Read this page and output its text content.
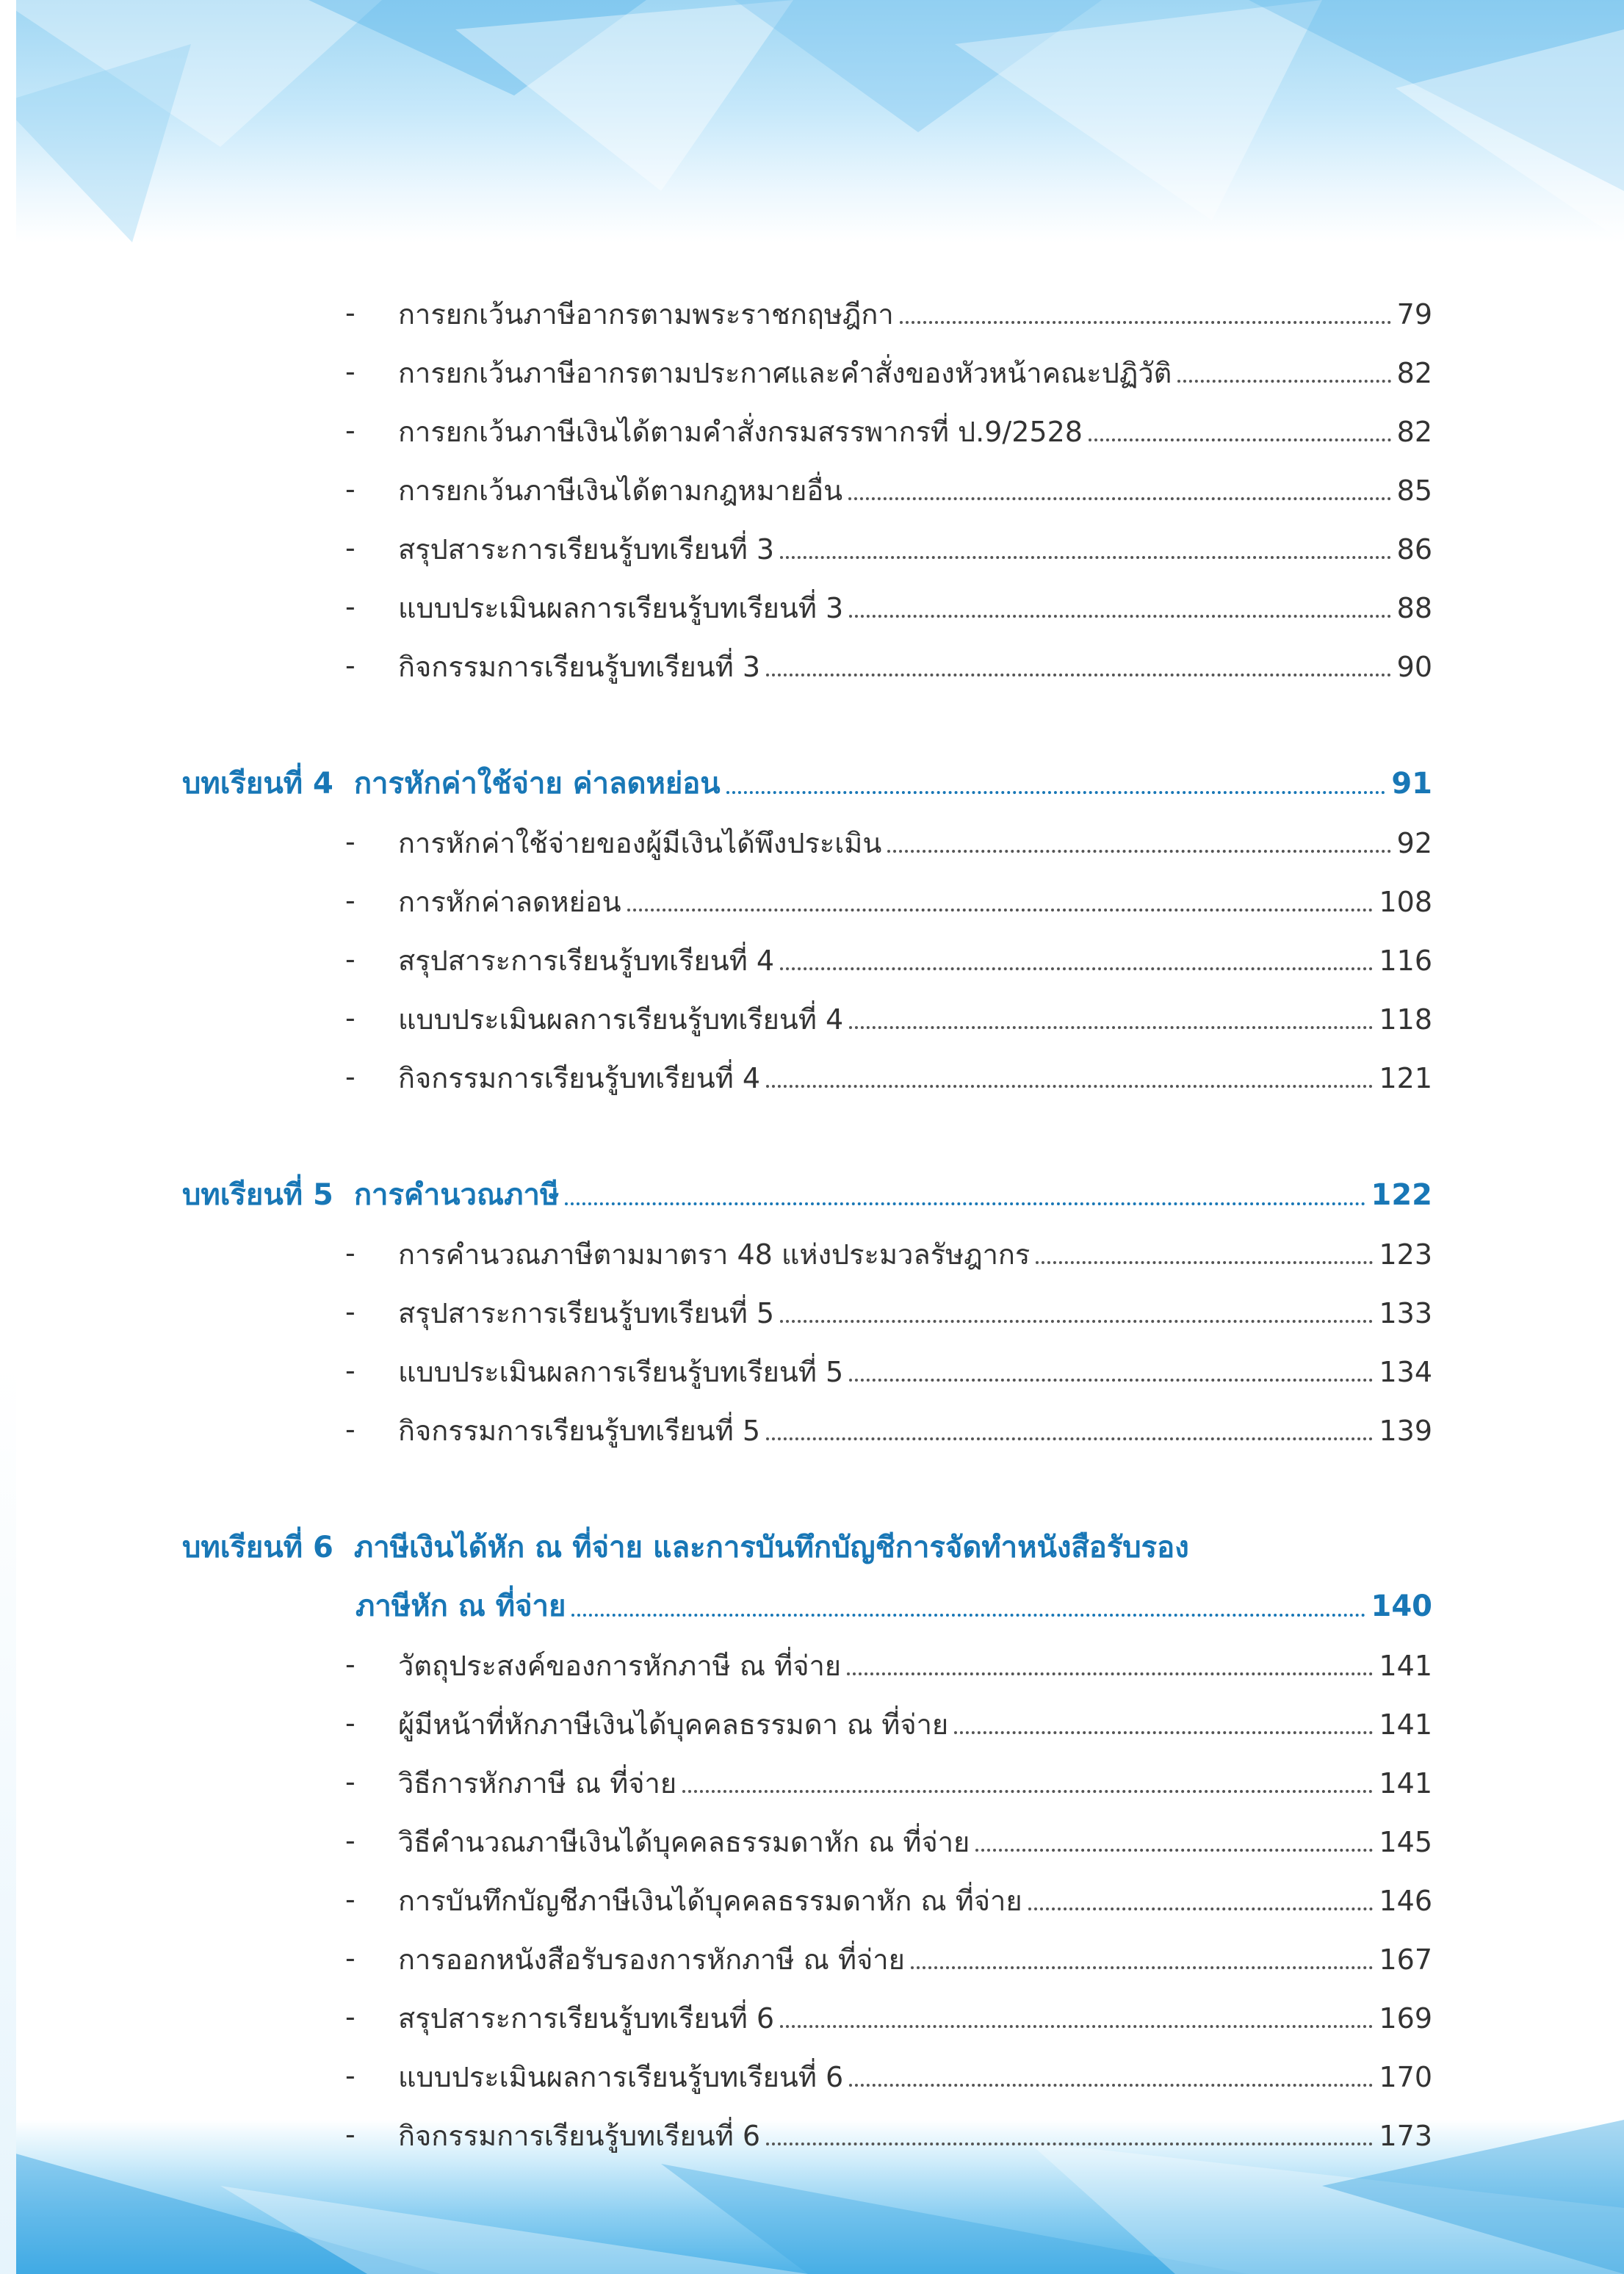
- การยกเว้นภาษีอากรตามพระราชกฤษฎีกา	79
- การยกเว้นภาษีอากรตามประกาศและคำสั่งของหัวหน้าคณะปฏิวัติ	82
- การยกเว้นภาษีเงินได้ตามคำสั่งกรมสรรพากรที่ ป.9/2528	82
- การยกเว้นภาษีเงินได้ตามกฎหมายอื่น	85
- สรุปสาระการเรียนรู้บทเรียนที่ 3	86
- แบบประเมินผลการเรียนรู้บทเรียนที่ 3	88
- กิจกรรมการเรียนรู้บทเรียนที่ 3	90
บทเรียนที่ 4 การหักค่าใช้จ่าย ค่าลดหย่อน	91
- การหักค่าใช้จ่ายของผู้มีเงินได้พึงประเมิน	92
- การหักค่าลดหย่อน	108
- สรุปสาระการเรียนรู้บทเรียนที่ 4	116
- แบบประเมินผลการเรียนรู้บทเรียนที่ 4	118
- กิจกรรมการเรียนรู้บทเรียนที่ 4	121
บทเรียนที่ 5 การคำนวณภาษี	122
- การคำนวณภาษีตามมาตรา 48 แห่งประมวลรัษฎากร	123
- สรุปสาระการเรียนรู้บทเรียนที่ 5	133
- แบบประเมินผลการเรียนรู้บทเรียนที่ 5	134
- กิจกรรมการเรียนรู้บทเรียนที่ 5	139
บทเรียนที่ 6 ภาษีเงินได้หัก ณ ที่จ่าย และการบันทึกบัญชีการจัดทำหนังสือรับรอง
ภาษีหัก ณ ที่จ่าย	140
- วัตถุประสงค์ของการหักภาษี ณ ที่จ่าย	141
- ผู้มีหน้าที่หักภาษีเงินได้บุคคลธรรมดา ณ ที่จ่าย	141
- วิธีการหักภาษี ณ ที่จ่าย	141
- วิธีคำนวณภาษีเงินได้บุคคลธรรมดาหัก ณ ที่จ่าย	145
- การบันทึกบัญชีภาษีเงินได้บุคคลธรรมดาหัก ณ ที่จ่าย	146
- การออกหนังสือรับรองการหักภาษี ณ ที่จ่าย	167
- สรุปสาระการเรียนรู้บทเรียนที่ 6	169
- แบบประเมินผลการเรียนรู้บทเรียนที่ 6	170
- กิจกรรมการเรียนรู้บทเรียนที่ 6	173
